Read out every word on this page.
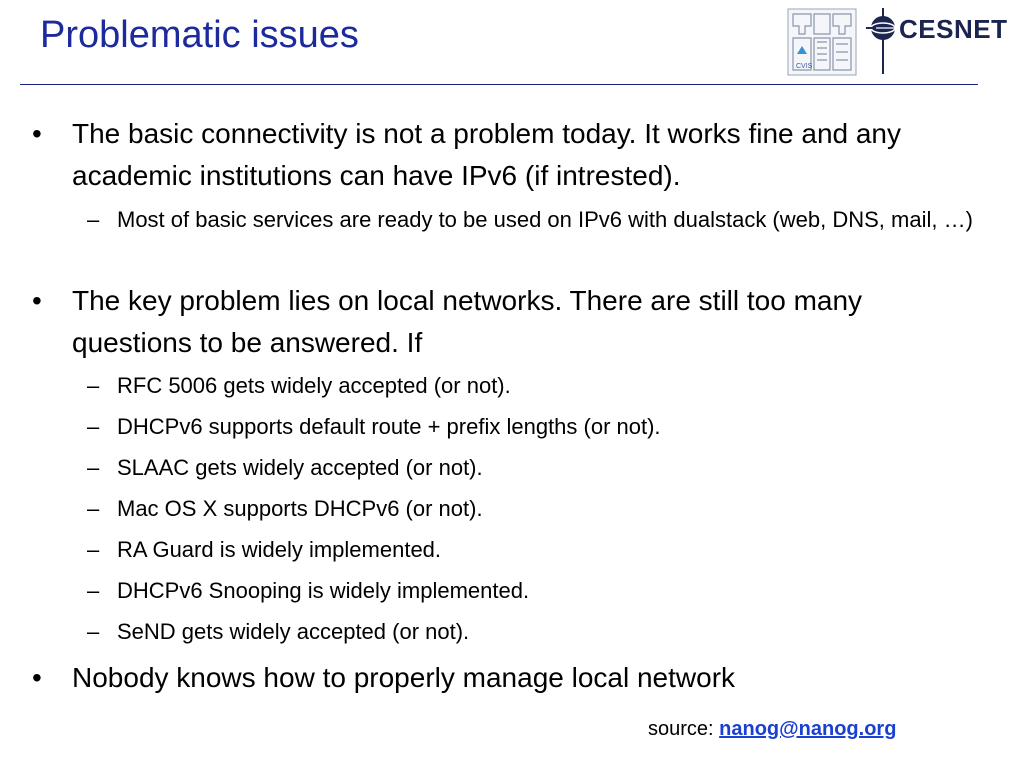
Problematic issues
CVIS
CESNET
• The basic connectivity is not a problem today. It works fine and any academic institutions can have IPv6 (if intrested).
– Most of basic services are ready to be used on IPv6 with dualstack (web, DNS, mail, …)
• The key problem lies on local networks. There are still too many questions to be answered. If
– RFC 5006 gets widely accepted (or not).
– DHCPv6 supports default route + prefix lengths (or not).
– SLAAC gets widely accepted (or not).
– Mac OS X supports DHCPv6 (or not).
– RA Guard is widely implemented.
– DHCPv6 Snooping is widely implemented.
– SeND gets widely accepted (or not).
• Nobody knows how to properly manage local network
source: nanog@nanog.org
